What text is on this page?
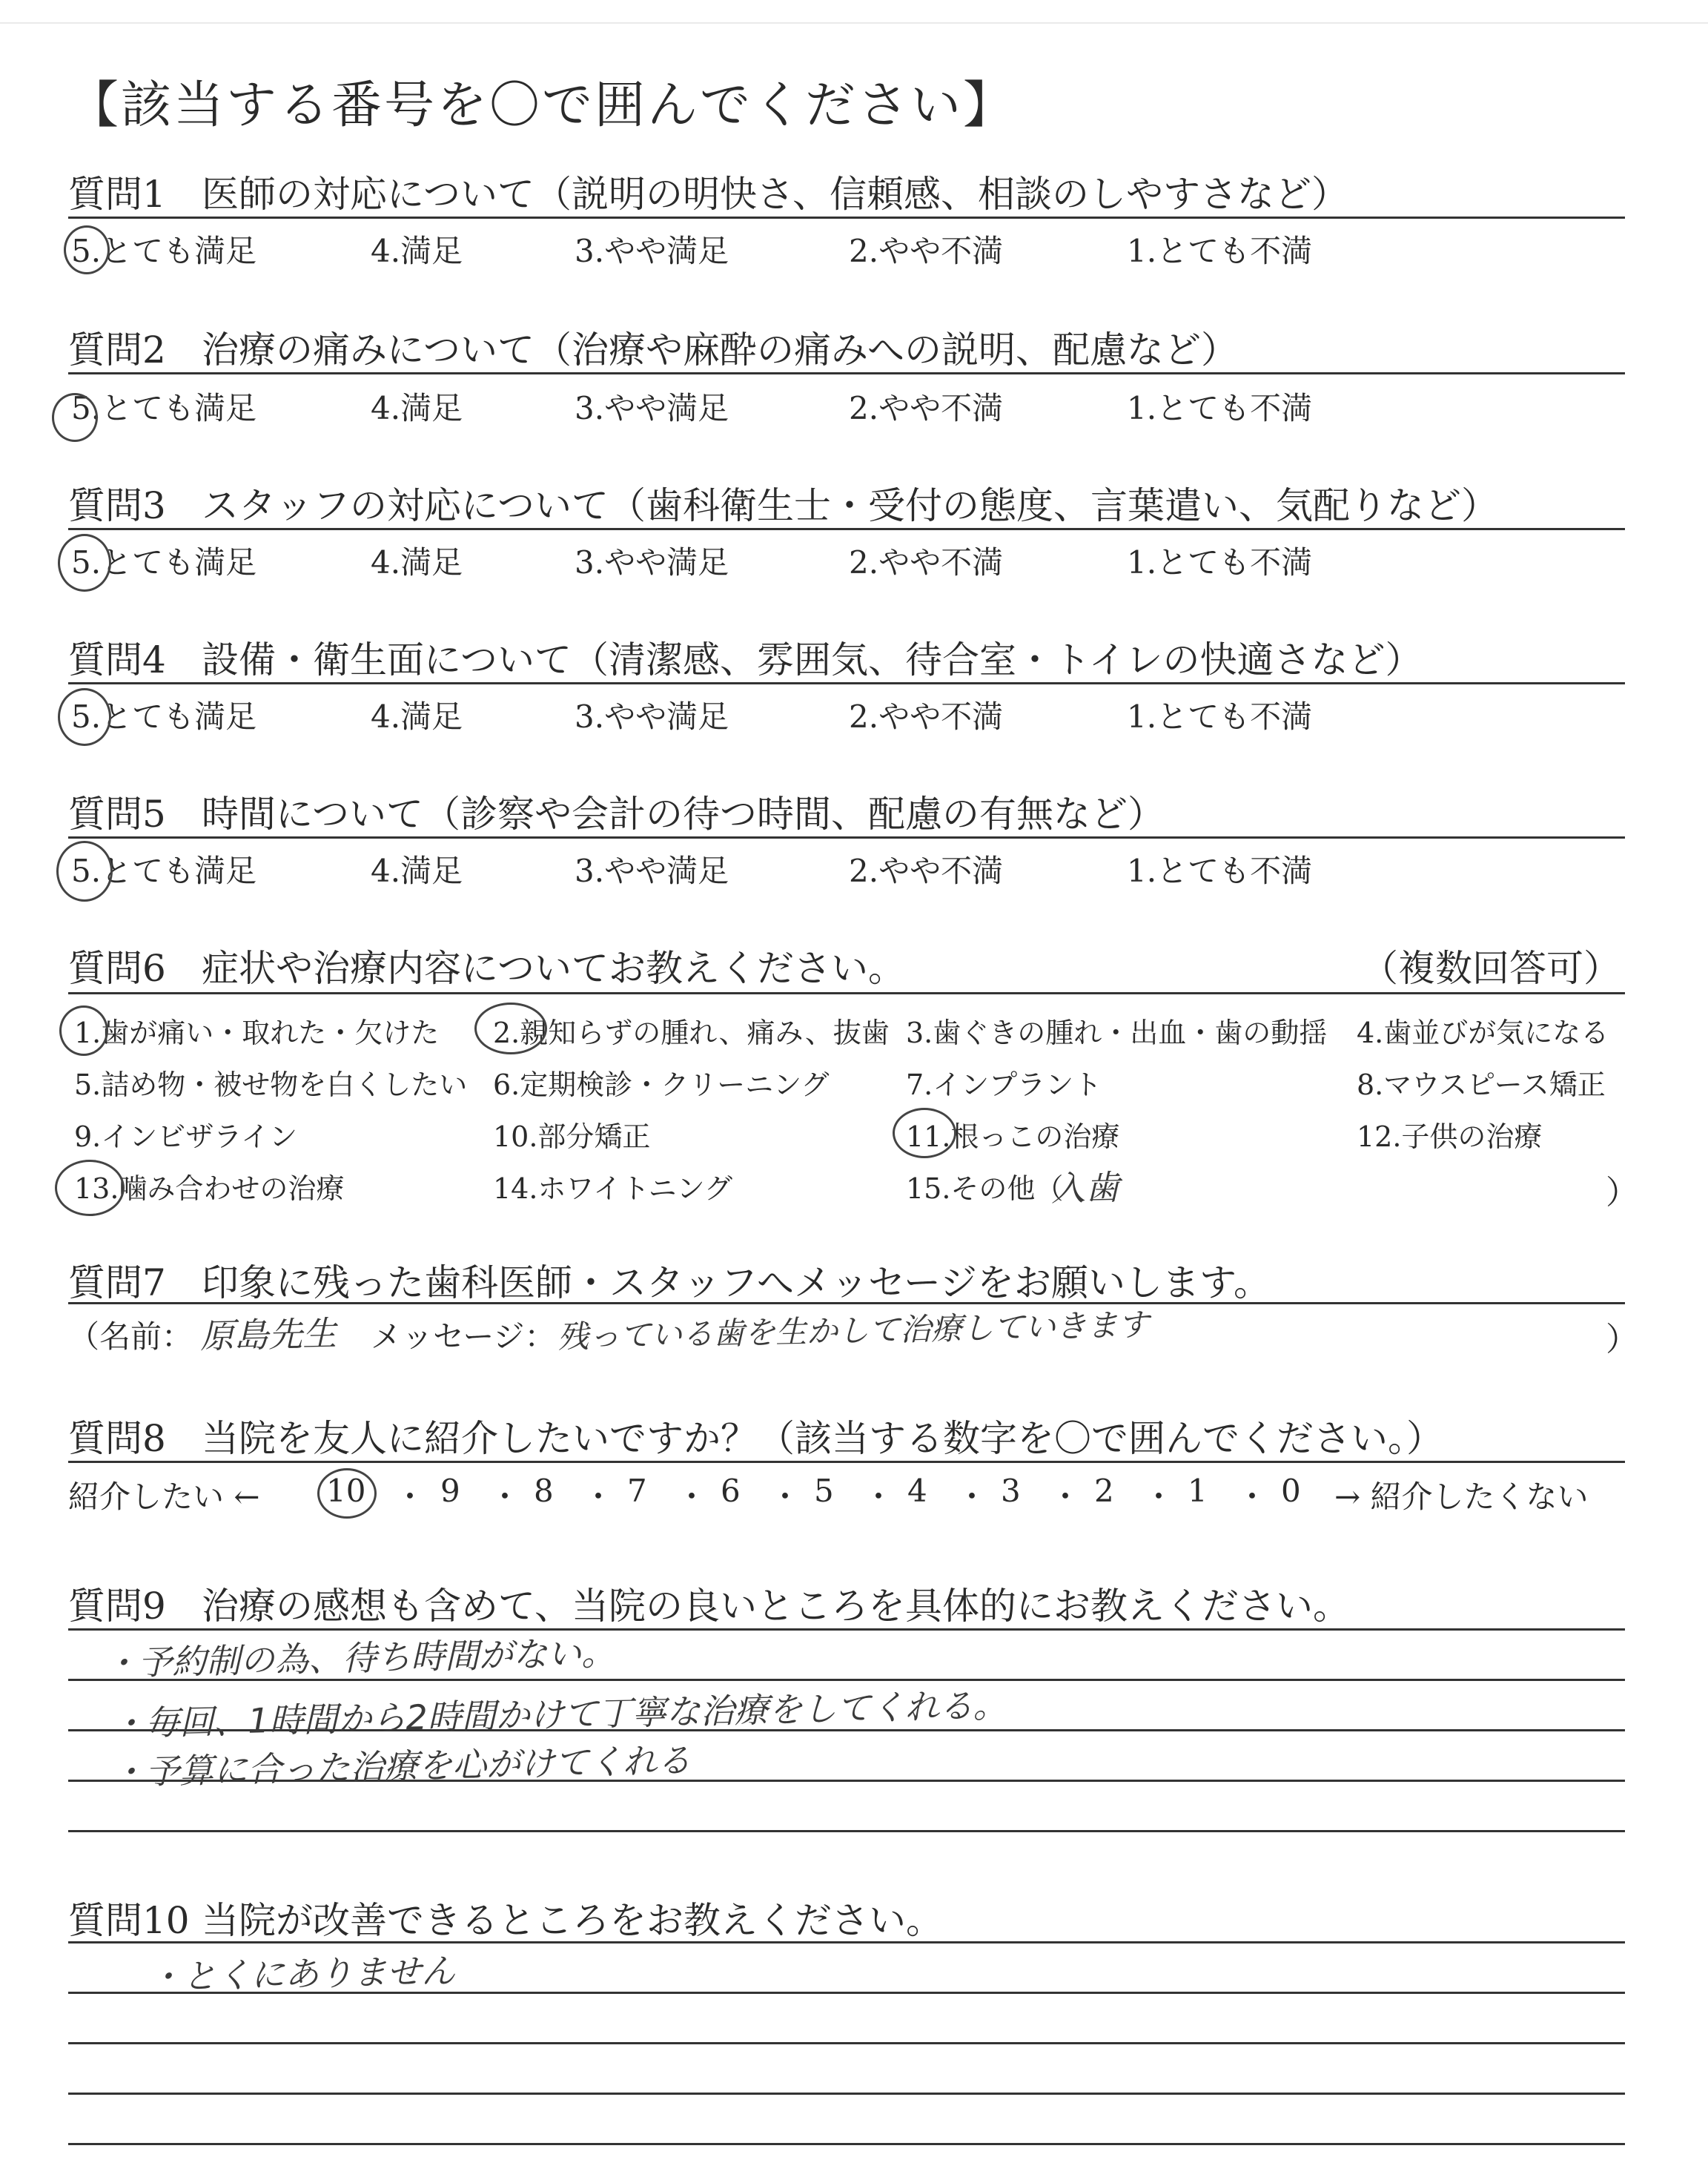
【該当する番号を〇で囲んでください】
質問1 医師の対応について（説明の明快さ、信頼感、相談のしやすさなど）
5.とても満足	4.満足	3.やや満足	2.やや不満	1.とても不満
質問2 治療の痛みについて（治療や麻酔の痛みへの説明、配慮など）
5.とても満足	4.満足	3.やや満足	2.やや不満	1.とても不満
質問3 スタッフの対応について（歯科衛生士・受付の態度、言葉遣い、気配りなど）
5.とても満足	4.満足	3.やや満足	2.やや不満	1.とても不満
質問4 設備・衛生面について（清潔感、雰囲気、待合室・トイレの快適さなど）
5.とても満足	4.満足	3.やや満足	2.やや不満	1.とても不満
質問5 時間について（診察や会計の待つ時間、配慮の有無など）
5.とても満足	4.満足	3.やや満足	2.やや不満	1.とても不満
質問6 症状や治療内容についてお教えください。	（複数回答可）
1.歯が痛い・取れた・欠けた 2.親知らずの腫れ、痛み、抜歯 3.歯ぐきの腫れ・出血・歯の動揺 4.歯並びが気になる
5.詰め物・被せ物を白くしたい 6.定期検診・クリーニング	7.インプラント	8.マウスピース矯正
9.インビザライン	10.部分矯正	11.根っこの治療	12.子供の治療
13.噛み合わせの治療	14.ホワイトニング	15.その他（
入歯	）
質問7 印象に残った歯科医師・スタッフへメッセージをお願いします。
（名前： 原島先生 メッセージ： 残っている歯を生かして治療していきます	）
質問8 当院を友人に紹介したいですか？（該当する数字を〇で囲んでください。）
紹介したい ← 10 ・ 9 ・ 8 ・ 7 ・ 6 ・ 5 ・ 4 ・ 3 ・ 2 ・ 1 ・ 0 → 紹介したくない
質問9 治療の感想も含めて、当院の良いところを具体的にお教えください。
・予約制の為、待ち時間がない。
・毎回、1時間から2時間かけて丁寧な治療をしてくれる。
・予算に合った治療を心がけてくれる
質問10 当院が改善できるところをお教えください。
・とくにありません
